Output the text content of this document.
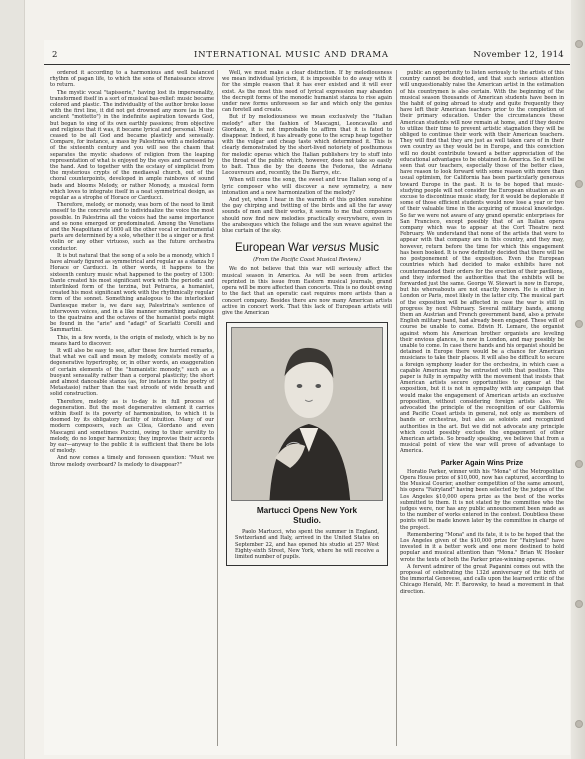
2	INTERNATIONAL MUSIC AND DRAMA	November 12, 1914

ordered it according to a harmonious and well balanced rhythm of pagan life, to which the sons of Renaissance strove to return.

The mystic vocal "tapisserie," having lost its impersonality, transformed itself in a sort of musical bas-relief: music became colored and plastic. The individuality of the author broke loose with the first line, it did not get drowned any more (as in the ancient "mottetto") in the indefinite aspiration towards God, but began to sing of its own earthly passions; from objective and religious that it was, it became lyrical and personal. Music ceased to be all God and became plasticly and sensually. Compare, for instance, a mass by Palestrina with a melodrama of the sixteenth century and you will see the chasm that separates the mystic shadows of religion from the leaping representation of what is enjoyed by the eyes and caressed by the hand. And to together with the ecstasy of simplicist from the mysterious crypts of the mediaeval church, out of the choral counterpoints, developed in ample rainbows of sound bads and blooms Melody, or rather Monody, a musical form which loves to integrate itself in a neat symmetrical design, as regular as a strophe of Horace or Carducci.

Therefore, melody, or monody, was born of the need to limit oneself to the concrete and to individualize the voice the most possible. In Palestrina all the voices had the same importance and so none emerged or predominated. Among the Venetians and the Neapolitans of 1600 all the other vocal or instrumental parts are determined by a solo, whether it be a singer or a first violin or any other virtuoso, such as the future orchestra conductor.

It is but natural that the song of a solo be a monody, which I have already figured as symmetrical and regular as a stanza by Horace or Carducci. In other words, it happens to the sixteenth century music what happened to the poetry of 1300: Dante created his most significant work with the periodic and interlinked form of the terzina, but Petrarca, a humanist, created his most significant work with the rhythmically regular form of the sonnet. Something analogous to the interlocked Dantesque meter is, we dare say, Palestrina's sentence of interwoven voices, and in a like manner something analogous to the quatrains and the octaves of the humanist poets might be found in the "arie" and "adagi" of Scarlatti Corelli and Sammartini.

This, in a few words, is the origin of melody, which is by no means hard to discover.

It will also be easy to see, after these few hurried remarks, that what we call and mean by melody, consists mostly of a degenerative hypertrophy, or, in other words, an exaggeration of certain elements of the "humanistic monody," such as a buoyant sensuality rather than a corporal plasticity; the short and almost danceable stanza (as, for instance in the poetry of Metastasio) rather than the vast stroofe of wide breath and solid construction.

Therefore, melody as is to-day is in full process of degeneration. But the most degenerative element it carries within itself is its poverty of harmonization, to which it is doomed by its obligatory facility of intuition. Many of our modern composers, such as Cilea, Giordano and even Mascagni and sometimes Puccini, owing to their servility to melody, do no longer harmonize; they improvise their accords by ear—anyway to the public it is sufficient that there be lots of melody.

And now comes a timely and foreseen question: "Must we throw melody overboard? Is melody to disappear?"

Well, we must make a clear distinction. If by melodiousness we mean individual lyricism, it is impossible to do away with it for the simple reason that it has ever existed and it will ever exist. As the most this need of lyrical expression may abandon the decrepit forms of the monodic humanist stanza to rise again under new forms unforeseen so far and which only the genius can foretell and create.

But if by melodiousness we mean exclusively the "Italian melody" after the fashion of Mascagni, Leoncavallo and Giordano, it is not improbable to affirm that it is fated to disappear. Indeed, it has already gone to the scrap heap together with the vulgar and cheap taste which determined it. This is clearly demonstrated by the short-lived notoriety of posthumous for melodic operas which the Italian publishers try to stuff into the throat of the public which, however, does not take so easily to bait. Thus die by the dozens the Fedoras, the Adriana Lecouvreurs and, recently, the Du Barrys, etc.

When will come the song, the sweet and true Italian song of a lyric composer who will discover a new symmetry, a new intonation and a new harmonization of the melody?

And yet, when I hear in the warmth of this golden sunshine the gay chirping and twitting of the birds and all the far away sounds of men and their works, it seems to me that composers should now find new melodies practically everywhere, even in the arabesques which the foliage and the sun weave against the blue curtain of the sky.

European War versus Music
(From the Pacific Coast Musical Review.)

We do not believe that this war will seriously affect the musical season in America. As will be seen from articles reprinted in this issue from Eastern musical journals, grand opera will be more affected than concerts. This is no doubt owing to the fact that an operatic cast requires more artists than a concert company. Besides there are now many American artists active in concert work. That this lack of European artists will give the American

Martucci Opens New York
Studio.

Paolo Martucci, who spent the summer in England, Switzerland and Italy, arrived in the United States on September 22, and has opened his studio at 257 West Eighty-sixth Street, New York, where he will receive a limited number of pupils.

public an opportunity to listen seriously to the artists of this country cannot be doubted, and that such serious attention will unquestionably raise the American artist in the estimation of his countrymen is also certain. With the beginning of the musical season thousands of American students have been in the habit of going abroad to study and quite frequently they have left their American teachers prior to the completion of their primary education. Under the circumstances these American students will now remain at home, and if they desire to utilize their time to prevent artistic stagnation they will be obliged to continue their work with their American teachers. They will find that they are just as well taken care of in their own country as they would be in Europe, and this conviction will no doubt contribute toward a better appreciation of the educational advantages to be obtained in America. So it will be seen that our teachers, especially those of the better class, have reason to look forward with some reason with more than usual optimism, for California has been particularly generous toward Europe in the past. It is to be hoped that music-studying people will not consider the European situation as an excuse to discontinue music study, for it would be deplorable if some of those efficient students would now lose a year or two of their valuable time in the acquiring of musical knowledge. So far we were not aware of any grand operatic enterprises for San Francisco, except possibly that of an Italian opera company which was to appear at the Cort Theatre next February. We understand that none of the artists that were to appear with that company are in this country, and they may, however, return before the time for which this engagement has been booked. It is now definitely decided that there will be no postponement of the exposition. Even the European countries which had decided to make exhibits have not countermanded their orders for the erection of their pavilions, and they informed the authorities that the exhibits will be forwarded just the same. George W. Stewart is now in Europe, but his whereabouts are not exactly known. He is either in London or Paris, most likely in the latter city. The musical part of the exposition will be affected in case the war is still in progress by next February. Several military bands, among them an Austrian and French government band, also a private English military band, had already been engaged. These will of course be unable to come. Edwin H. Lemare, the organist against whom his American brother organists are leveling their envious glances, is now in London, and may possibly be unable to come. In case there hands and his organist should be detained in Europe there would be a chance for American musicians to take their places. It will also be difficult to secure a foreign symphony leader for the orchestra, in which case a capable American may be entrusted with that position. This paper is fully in sympathy with the movement that insists that American artists secure opportunities to appear at the exposition, but it is not in sympathy with any campaign that would make the engagement of American artists an exclusive proposition, without considering foreign artists also. We advocated the principle of the recognition of our California and Pacific Coast artists in general, not only as members of bands or orchestras, but also as soloists and recognized authorities in the art. But we did not advocate any principle which could possibly exclude the engagement of other American artists. So broadly speaking, we believe that from a musical point of view the war will prove of advantage to America.

Parker Again Wins Prize

Horatio Parker, winner with his "Mona" of the Metropolitan Opera House prize of $10,000, now has captured, according to the Musical Courier, another competition of the same amount, his opera "Fairyland" having been selected by the judges of the Los Angeles $10,000 opera prize as the best of the works submitted to them. It is not stated by the committee who the judges were, nor has any public announcement been made as to the number of works entered in the contest. Doubtless these points will be made known later by the committee in charge of the project.

Remembering "Mona" and its fate, it is to be hoped that the Los Angeles given of the $10,000 prize for "Fairyland" have invested in it a better work and one more destined to hold popular and musical attention than "Mona." Brian W. Hooker wrote the texts of both the Parker prize-winning operas.

A fervent admirer of the great Paganini comes out with the proposal of celebrating the 132d anniversary of the birth of the immortal Genovese, and calls upon the learned critic of the Chicago Herald, Mr. F. Barowsky, to head a movement in that direction.
